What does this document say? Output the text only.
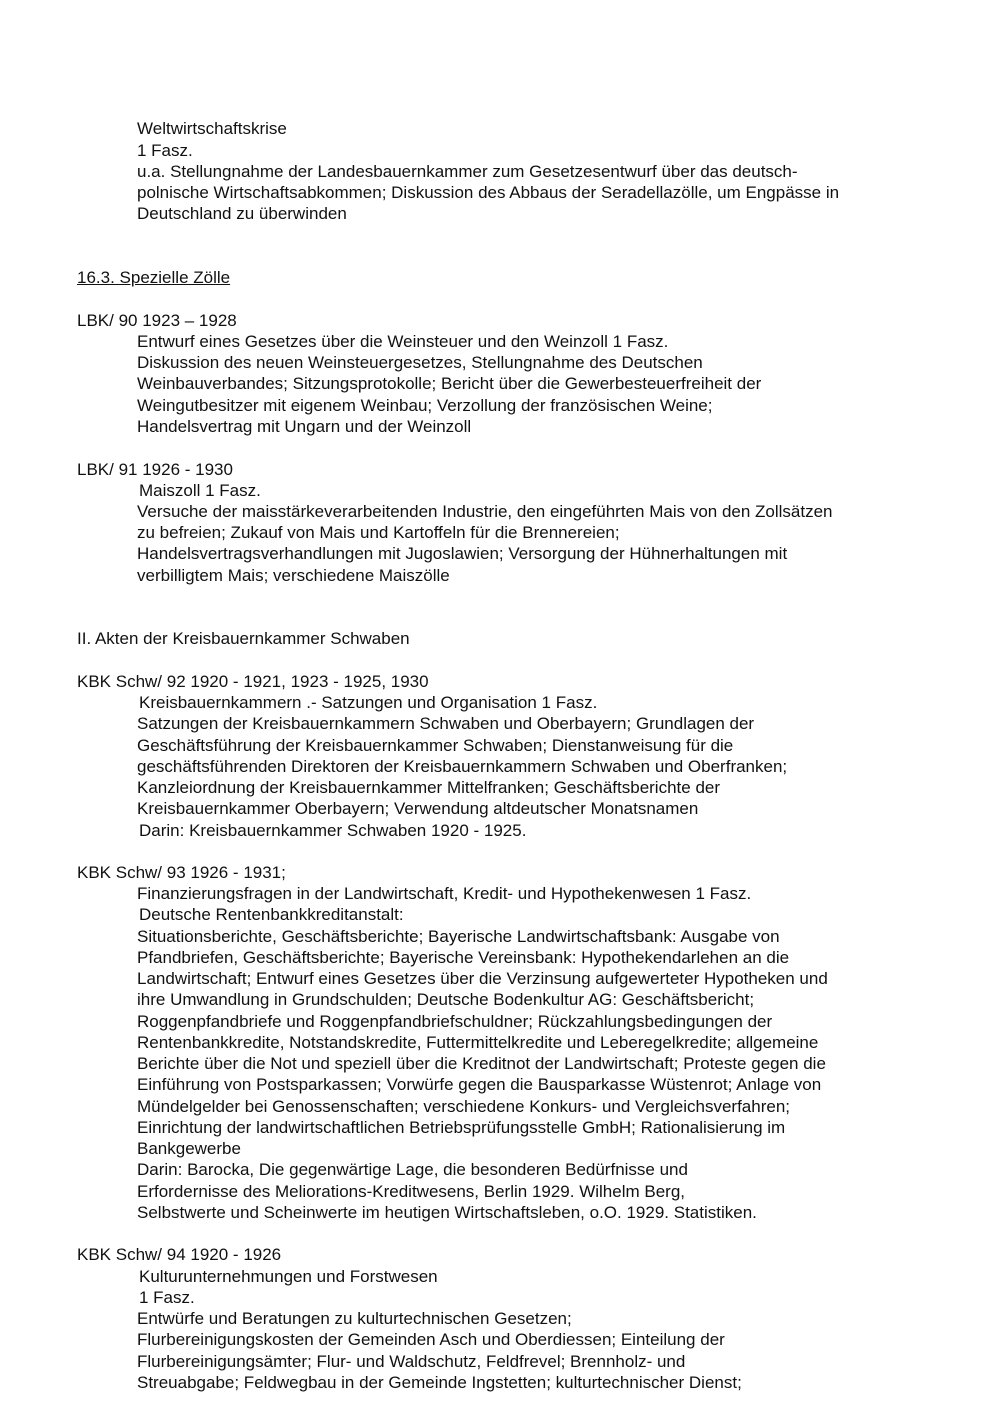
Weltwirtschaftskrise
1 Fasz.
u.a. Stellungnahme der Landesbauernkammer zum Gesetzesentwurf über das deutsch-
polnische Wirtschaftsabkommen; Diskussion des Abbaus der Seradellazölle, um Engpässe in
Deutschland zu überwinden
16.3. Spezielle Zölle
LBK/ 90 1923 – 1928
Entwurf eines Gesetzes über die Weinsteuer und den Weinzoll 1 Fasz.
Diskussion des neuen Weinsteuergesetzes, Stellungnahme des Deutschen
Weinbauverbandes; Sitzungsprotokolle; Bericht über die Gewerbesteuerfreiheit der
Weingutbesitzer mit eigenem Weinbau; Verzollung der französischen Weine;
Handelsvertrag mit Ungarn und der Weinzoll
LBK/ 91 1926 - 1930
Maiszoll 1 Fasz.
Versuche der maisstärkeverarbeitenden Industrie, den eingeführten Mais von den Zollsätzen
zu befreien; Zukauf von Mais und Kartoffeln für die Brennereien;
Handelsvertragsverhandlungen mit Jugoslawien; Versorgung der Hühnerhaltungen mit
verbilligtem Mais; verschiedene Maiszölle
II. Akten der Kreisbauernkammer Schwaben
KBK Schw/ 92 1920 - 1921, 1923 - 1925, 1930
Kreisbauernkammern .- Satzungen und Organisation 1 Fasz.
Satzungen der Kreisbauernkammern Schwaben und Oberbayern; Grundlagen der
Geschäftsführung der Kreisbauernkammer Schwaben; Dienstanweisung für die
geschäftsführenden Direktoren der Kreisbauernkammern Schwaben und Oberfranken;
Kanzleiordnung der Kreisbauernkammer Mittelfranken; Geschäftsberichte der
Kreisbauernkammer Oberbayern; Verwendung altdeutscher Monatsnamen
Darin: Kreisbauernkammer Schwaben 1920 - 1925.
KBK Schw/ 93 1926 - 1931;
Finanzierungsfragen in der Landwirtschaft, Kredit- und Hypothekenwesen 1 Fasz.
Deutsche Rentenbankkreditanstalt:
Situationsberichte, Geschäftsberichte; Bayerische Landwirtschaftsbank: Ausgabe von
Pfandbriefen, Geschäftsberichte; Bayerische Vereinsbank: Hypothekendarlehen an die
Landwirtschaft; Entwurf eines Gesetzes über die Verzinsung aufgewerteter Hypotheken und
ihre Umwandlung in Grundschulden; Deutsche Bodenkultur AG: Geschäftsbericht;
Roggenpfandbriefe und Roggenpfandbriefschuldner; Rückzahlungsbedingungen der
Rentenbankkredite, Notstandskredite, Futtermittelkredite und Leberegelkredite; allgemeine
Berichte über die Not und speziell über die Kreditnot der Landwirtschaft; Proteste gegen die
Einführung von Postsparkassen; Vorwürfe gegen die Bausparkasse Wüstenrot; Anlage von
Mündelgelder bei Genossenschaften; verschiedene Konkurs- und Vergleichsverfahren;
Einrichtung der landwirtschaftlichen Betriebsprüfungsstelle GmbH; Rationalisierung im
Bankgewerbe
Darin: Barocka, Die gegenwärtige Lage, die besonderen Bedürfnisse und
Erfordernisse des Meliorations-Kreditwesens, Berlin 1929. Wilhelm Berg,
Selbstwerte und Scheinwerte im heutigen Wirtschaftsleben, o.O. 1929. Statistiken.
KBK Schw/ 94 1920 - 1926
Kulturunternehmungen und Forstwesen
1 Fasz.
Entwürfe und Beratungen zu kulturtechnischen Gesetzen;
Flurbereinigungskosten der Gemeinden Asch und Oberdiessen; Einteilung der
Flurbereinigungsämter; Flur- und Waldschutz, Feldfrevel; Brennholz- und
Streuabgabe; Feldwegbau in der Gemeinde Ingstetten; kulturtechnischer Dienst;
